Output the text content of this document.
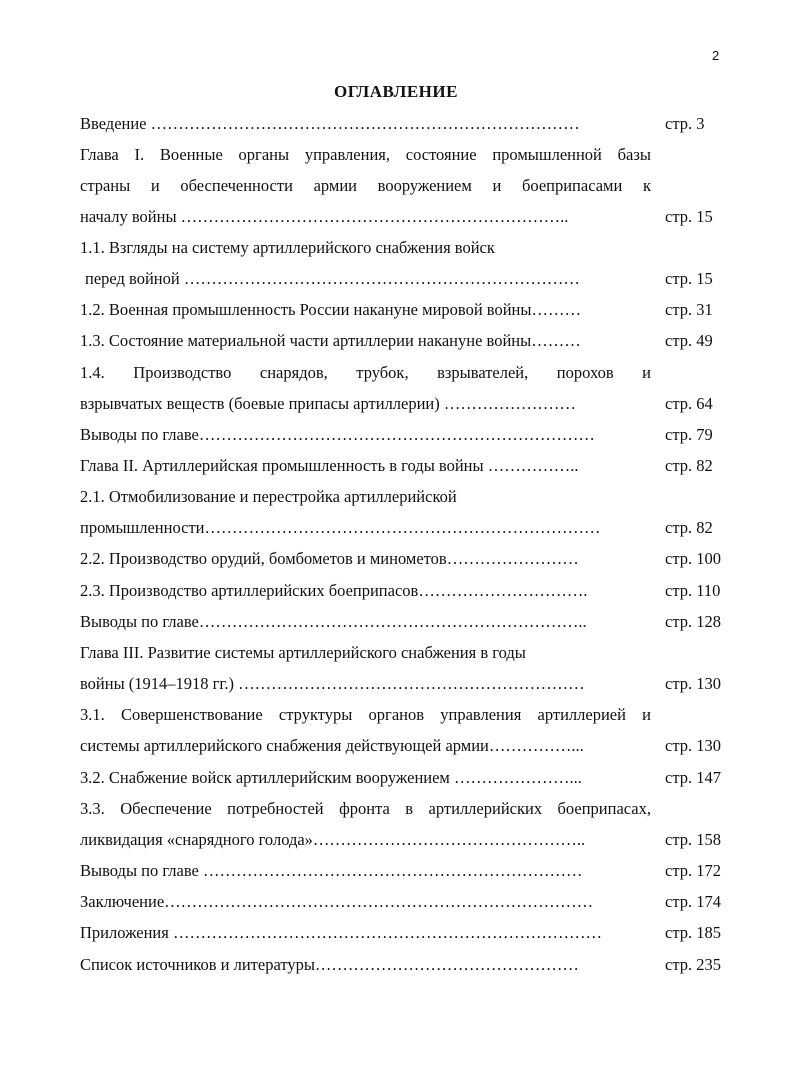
2
ОГЛАВЛЕНИЕ
Введение ……………………………………………………………………	стр. 3
Глава I. Военные органы управления, состояние промышленной базы
страны и обеспеченности армии вооружением и боеприпасами к
началу войны ……………………………………………………………..	стр. 15
1.1. Взгляды на систему артиллерийского снабжения войск
перед войной ………………………………………………………………	стр. 15
1.2. Военная промышленность России накануне мировой войны………	стр. 31
1.3. Состояние материальной части артиллерии накануне войны………	стр. 49
1.4. Производство снарядов, трубок, взрывателей, порохов и
взрывчатых веществ (боевые припасы артиллерии) ……………………	стр. 64
Выводы по главе………………………………………………………………	стр. 79
Глава II. Артиллерийская промышленность в годы войны ……………..	стр. 82
2.1. Отмобилизование и перестройка артиллерийской
промышленности………………………………………………………………	стр. 82
2.2. Производство орудий, бомбометов и минометов……………………	стр. 100
2.3. Производство артиллерийских боеприпасов………………………….	стр. 110
Выводы по главе……………………………………………………………..	стр. 128
Глава III. Развитие системы артиллерийского снабжения в годы
войны (1914–1918 гг.) ………………………………………………………	стр. 130
3.1. Совершенствование структуры органов управления артиллерией и
системы артиллерийского снабжения действующей армии……………...	стр. 130
3.2. Снабжение войск артиллерийским вооружением …………………...	стр. 147
3.3. Обеспечение потребностей фронта в артиллерийских боеприпасах,
ликвидация «снарядного голода»…………………………………………..	стр. 158
Выводы по главе ……………………………………………………………	стр. 172
Заключение……………………………………………………………………	стр. 174
Приложения ……………………………………………………………………	стр. 185
Список источников и литературы…………………………………………	стр. 235
